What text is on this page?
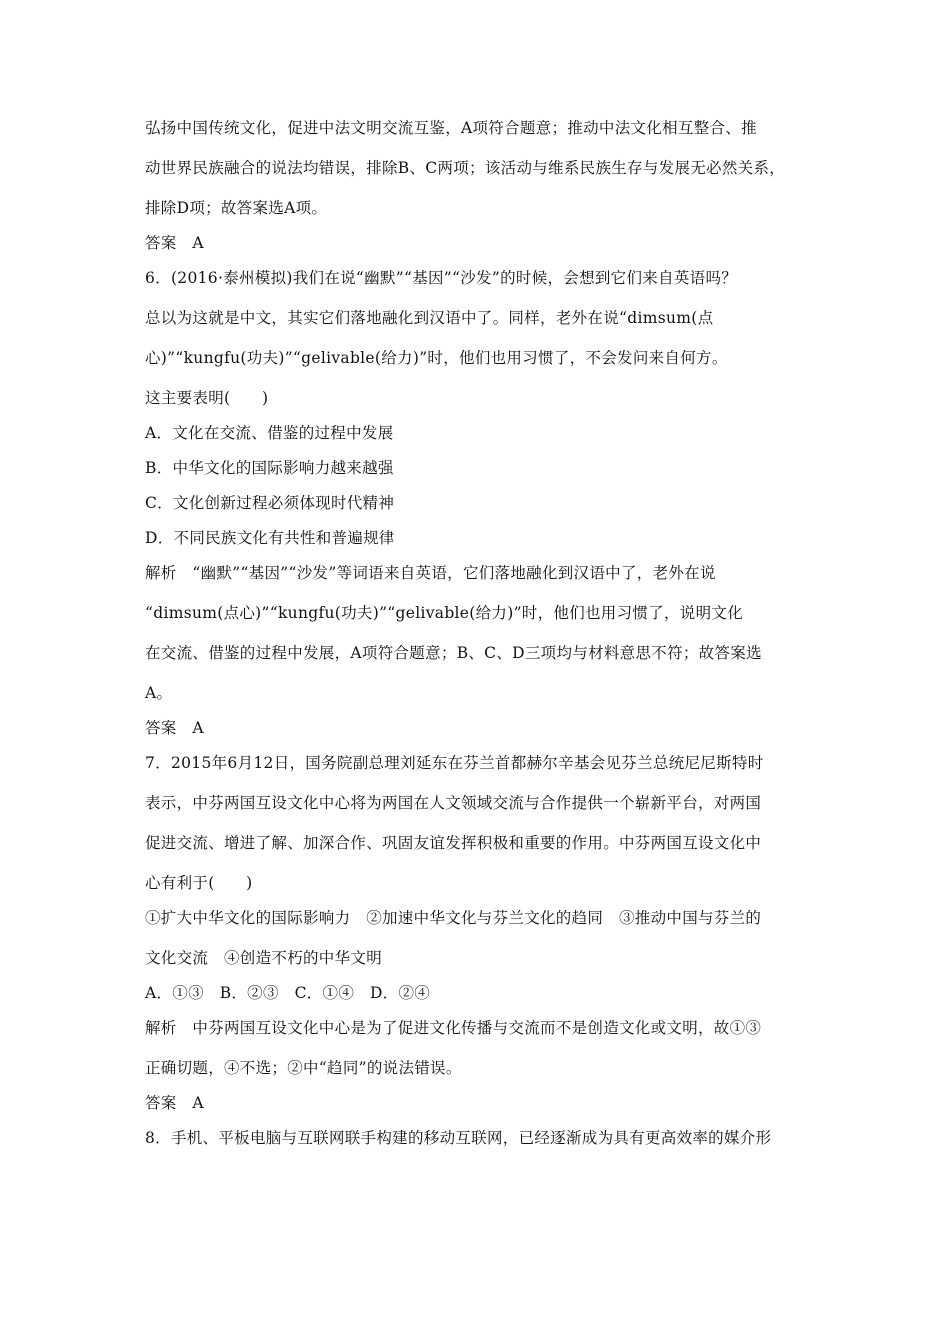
弘扬中国传统文化，促进中法文明交流互鉴，A项符合题意；推动中法文化相互整合、推

动世界民族融合的说法均错误，排除B、C两项；该活动与维系民族生存与发展无必然关系，

排除D项；故答案选A项。

答案　A

6．(2016·泰州模拟)我们在说“幽默”“基因”“沙发”的时候，会想到它们来自英语吗？

总以为这就是中文，其实它们落地融化到汉语中了。同样，老外在说“dimsum(点

心)”“kungfu(功夫)”“gelivable(给力)”时，他们也用习惯了，不会发问来自何方。

这主要表明(　　)

A．文化在交流、借鉴的过程中发展

B．中华文化的国际影响力越来越强

C．文化创新过程必须体现时代精神

D．不同民族文化有共性和普遍规律

解析　“幽默”“基因”“沙发”等词语来自英语，它们落地融化到汉语中了，老外在说

“dimsum(点心)”“kungfu(功夫)”“gelivable(给力)”时，他们也用习惯了，说明文化

在交流、借鉴的过程中发展，A项符合题意；B、C、D三项均与材料意思不符；故答案选

A。

答案　A

7．2015年6月12日，国务院副总理刘延东在芬兰首都赫尔辛基会见芬兰总统尼尼斯特时

表示，中芬两国互设文化中心将为两国在人文领域交流与合作提供一个崭新平台，对两国

促进交流、增进了解、加深合作、巩固友谊发挥积极和重要的作用。中芬两国互设文化中

心有利于(　　)

①扩大中华文化的国际影响力　②加速中华文化与芬兰文化的趋同　③推动中国与芬兰的

文化交流　④创造不朽的中华文明

A．①③　B．②③　C．①④　D．②④

解析　中芬两国互设文化中心是为了促进文化传播与交流而不是创造文化或文明，故①③

正确切题，④不选；②中“趋同”的说法错误。

答案　A

8．手机、平板电脑与互联网联手构建的移动互联网，已经逐渐成为具有更高效率的媒介形
